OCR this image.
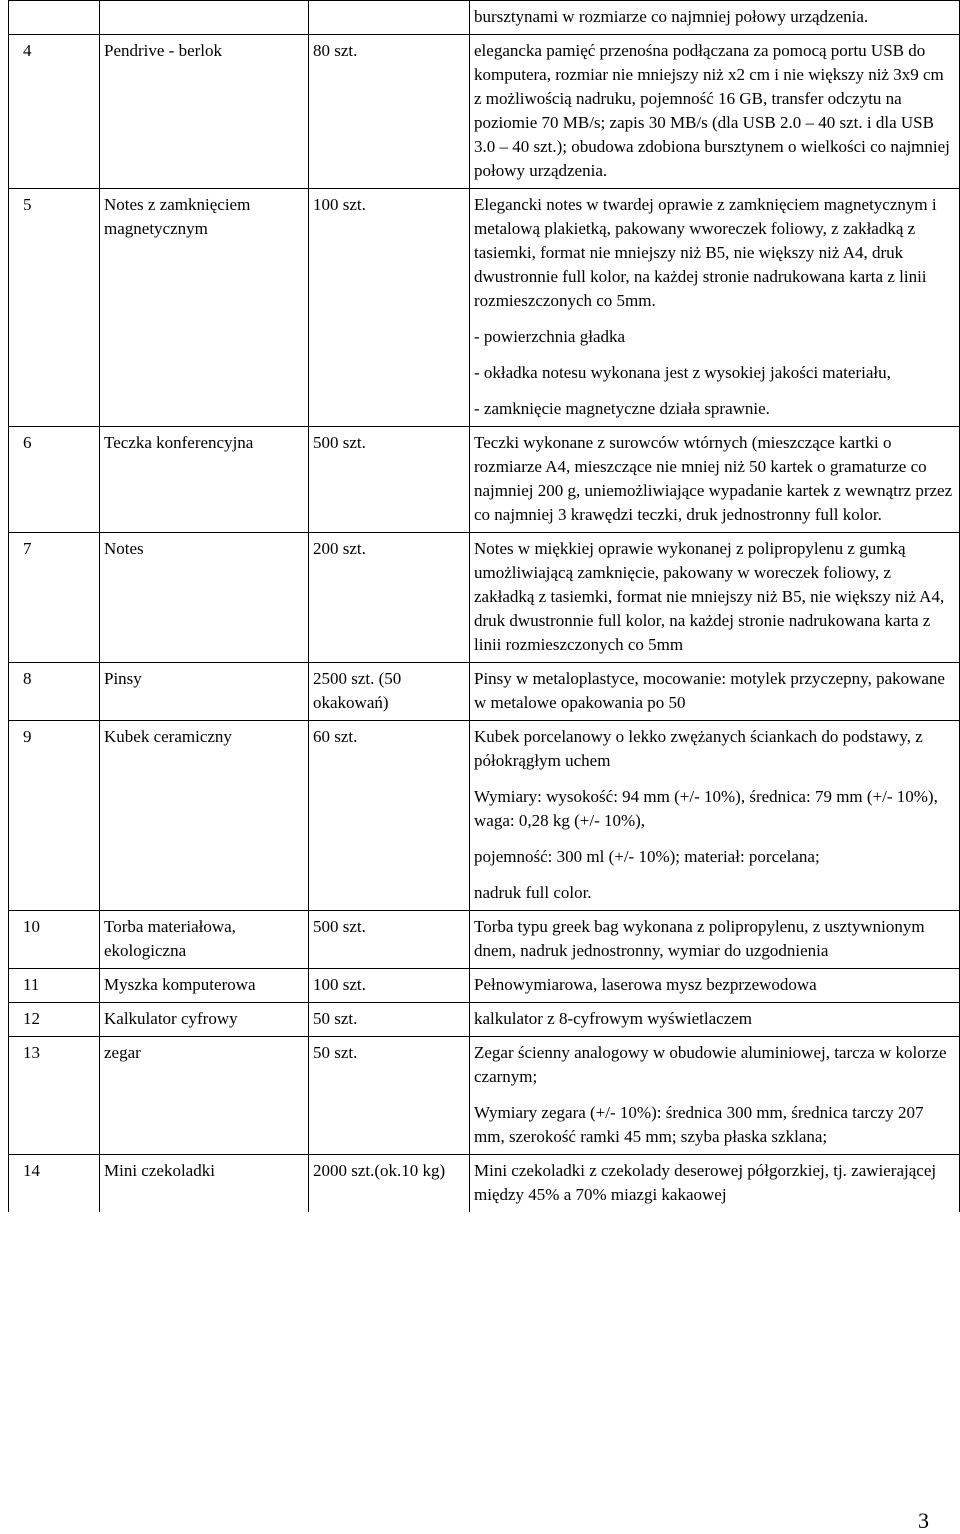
			bursztynami w rozmiarze co najmniej połowy urządzenia.

4	Pendrive - berlok	80 szt.	elegancka pamięć przenośna podłączana za pomocą portu USB do komputera, rozmiar nie mniejszy niż x2 cm i nie większy niż 3x9 cm z możliwością nadruku, pojemność 16 GB, transfer odczytu na poziomie 70 MB/s; zapis 30 MB/s (dla USB 2.0 – 40 szt. i dla USB 3.0 – 40 szt.); obudowa zdobiona bursztynem o wielkości co najmniej połowy urządzenia.

5	Notes z zamknięciem magnetycznym	100 szt.	Elegancki notes w twardej oprawie z zamknięciem magnetycznym i metalową plakietką, pakowany wworeczek foliowy, z zakładką z tasiemki, format nie mniejszy niż B5, nie większy niż A4, druk dwustronnie full kolor, na każdej stronie nadrukowana karta z linii rozmieszczonych co 5mm.
- powierzchnia gładka
- okładka notesu wykonana jest z wysokiej jakości materiału,
- zamknięcie magnetyczne działa sprawnie.

6	Teczka konferencyjna	500 szt.	Teczki wykonane z surowców wtórnych (mieszczące kartki o rozmiarze A4, mieszczące nie mniej niż 50 kartek o gramaturze co najmniej 200 g, uniemożliwiające wypadanie kartek z wewnątrz przez co najmniej 3 krawędzi teczki, druk jednostronny full kolor.

7	Notes	200 szt.	Notes w miękkiej oprawie wykonanej z polipropylenu z gumką umożliwiającą zamknięcie, pakowany w woreczek foliowy, z zakładką z tasiemki, format nie mniejszy niż B5, nie większy niż A4, druk dwustronnie full kolor, na każdej stronie nadrukowana karta z linii rozmieszczonych co 5mm

8	Pinsy	2500 szt. (50 okakowań)	Pinsy w metaloplastyce, mocowanie: motylek przyczepny, pakowane w metalowe opakowania po 50

9	Kubek ceramiczny	60 szt.	Kubek porcelanowy o lekko zwężanych ściankach do podstawy, z półokrągłym uchem
Wymiary: wysokość: 94 mm (+/- 10%), średnica: 79 mm (+/- 10%), waga: 0,28 kg (+/- 10%),
pojemność: 300 ml (+/- 10%); materiał: porcelana;
nadruk full color.

10	Torba materiałowa, ekologiczna	500 szt.	Torba typu greek bag wykonana z polipropylenu, z usztywnionym dnem, nadruk jednostronny, wymiar do uzgodnienia

11	Myszka komputerowa	100 szt.	Pełnowymiarowa, laserowa mysz bezprzewodowa

12	Kalkulator cyfrowy	50 szt.	kalkulator z 8-cyfrowym wyświetlaczem

13	zegar	50 szt.	Zegar ścienny analogowy w obudowie aluminiowej, tarcza w kolorze czarnym;
Wymiary zegara (+/- 10%): średnica 300 mm, średnica tarczy 207 mm, szerokość ramki 45 mm; szyba płaska szklana;

14	Mini czekoladki	2000 szt.(ok.10 kg)	Mini czekoladki z czekolady deserowej półgorzkiej, tj. zawierającej między 45% a 70% miazgi kakaowej
3
